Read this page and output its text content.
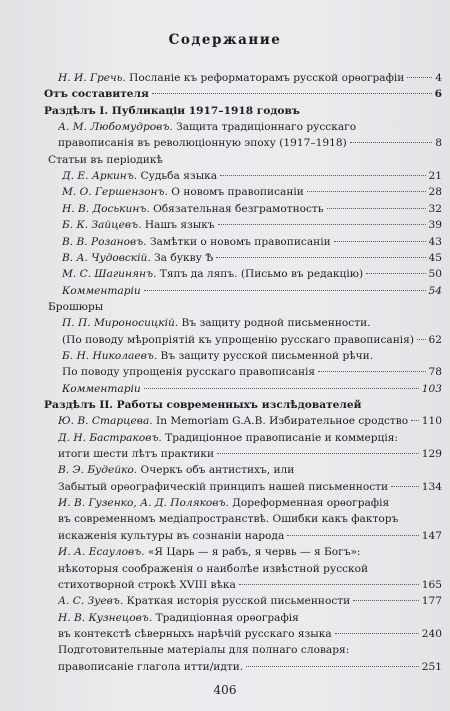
Содержание
Н. И. Гречь. Посланіе къ реформаторамъ русской орѳографіи	4
Отъ составителя	6
Раздѣлъ I. Публикаціи 1917–1918 годовъ
А. М. Любомудровъ. Защита традиціоннаго русскаго
правописанія въ революціонную эпоху (1917–1918)	8
Статьи въ періодикѣ
Д. Е. Аркинъ. Судьба языка	21
М. О. Гершензонъ. О новомъ правописаніи	28
Н. В. Доськинъ. Обязательная безграмотность	32
Б. К. Зайцевъ. Нашъ языкъ	39
В. В. Розановъ. Замѣтки о новомъ правописаніи	43
В. А. Чудовскій. За букву Ѣ	45
М. С. Шагинянъ. Тяпъ да ляпъ. (Письмо въ редакцію)	50
Комментаріи	54
Брошюры
П. П. Мироносицкій. Въ защиту родной письменности.
(По поводу мѣропріятій къ упрощенію русскаго правописанія) 62
Б. Н. Николаевъ. Въ защиту русской письменной рѣчи.
По поводу упрощенія русскаго правописанія	78
Комментаріи	103
Раздѣлъ II. Работы современныхъ изслѣдователей
Ю. В. Старцева. In Memoriam G.A.B. Избирательное сродство 110
Д. Н. Бастраковъ. Традиціонное правописаніе и коммерція:
итоги шести лѣтъ практики	129
В. Э. Будейко. Очеркъ объ антистихъ, или
Забытый орѳографическій принципъ нашей письменности	134
И. В. Гузенко, А. Д. Поляковъ. Дореформенная орѳографія
въ современномъ медіапространствѣ. Ошибки какъ факторъ
искаженія культуры въ сознаніи народа	147
И. А. Есауловъ. «Я Царь — я рабъ, я червь — я Богъ»:
нѣкоторыя соображенія о наиболѣе извѣстной русской
стихотворной строкѣ XVIII вѣка	165
А. С. Зуевъ. Краткая исторія русской письменности	177
Н. В. Кузнецовъ. Традиціонная орѳографія
въ контекстѣ сѣверныхъ нарѣчій русскаго языка	240
Подготовительные матеріалы для полнаго словаря:
правописаніе глагола итти/идти.	251
406
